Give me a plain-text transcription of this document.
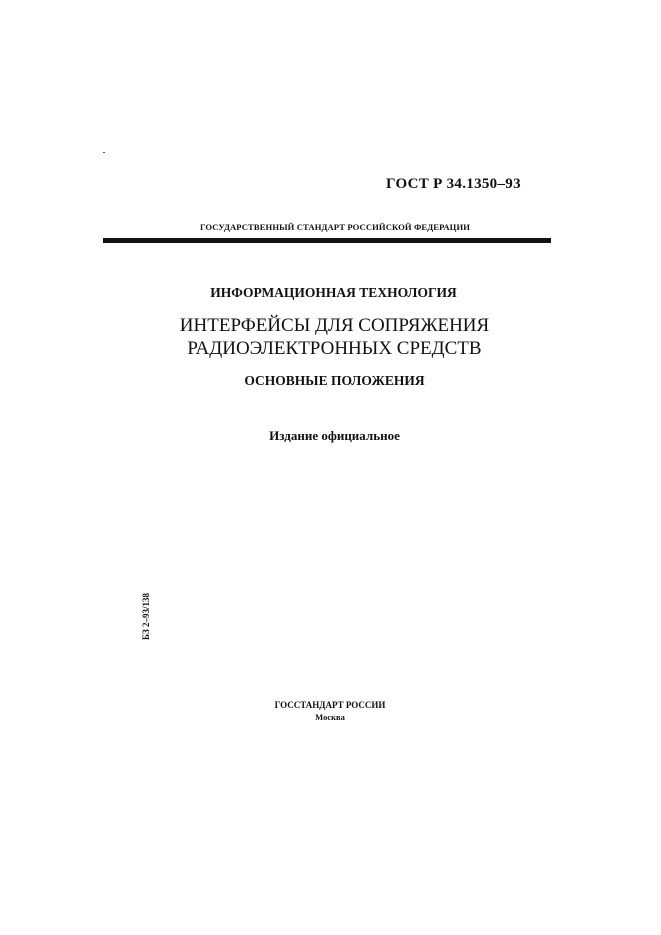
ГОСТ Р 34.1350–93
ГОСУДАРСТВЕННЫЙ СТАНДАРТ РОССИЙСКОЙ ФЕДЕРАЦИИ
ИНФОРМАЦИОННАЯ ТЕХНОЛОГИЯ
ИНТЕРФЕЙСЫ ДЛЯ СОПРЯЖЕНИЯ
РАДИОЭЛЕКТРОННЫХ СРЕДСТВ
ОСНОВНЫЕ ПОЛОЖЕНИЯ
Издание официальное
БЗ 2–93/138
ГОССТАНДАРТ РОССИИ
Москва
